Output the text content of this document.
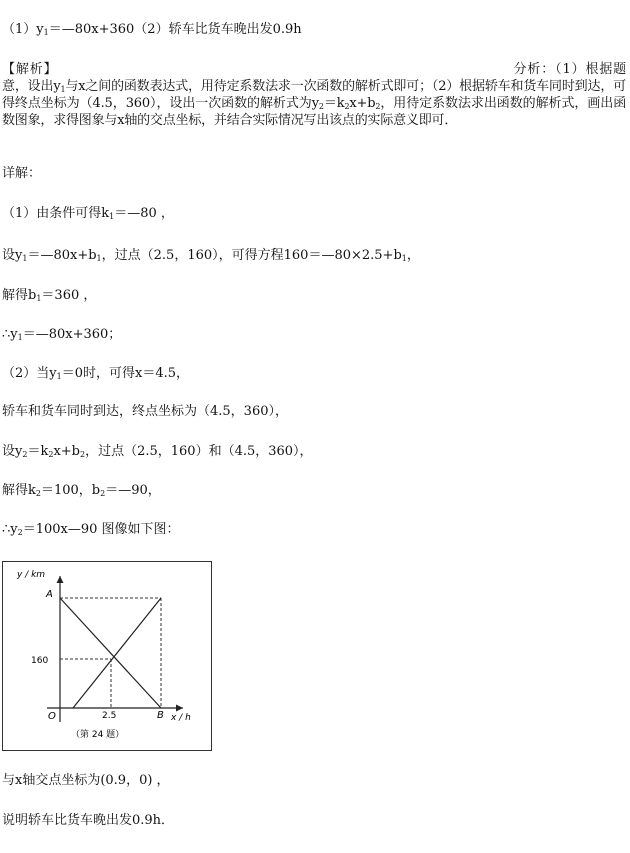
$(1)y_1=—80x+360(2)$轿车比货车晚出发0.9h
【解析】	分析：（1）根据题意，设出$y_1$与x之间的函数表达式，用待定系数法求一次函数的解析式即可；（2）根据轿车和货车同时到达，可得终点坐标为（4.5，360），设出一次函数的解析式为$y_2=k_2x+b_2$，用待定系数法求出函数的解析式，画出函数图象，求得图象与x轴的交点坐标，并结合实际情况写出该点的实际意义即可．
详解：
（1）由条件可得$k_1=—80$ ，
设$y_1=—80x+b_1$，过点（2.5，160），可得方程$160=—80\times 2.5+b_1$，
解得$b_1=360$ ，
$\therefore y_1=—80x+360$；
（2）当$y_1=0$时，可得x＝4.5，
轿车和货车同时到达，终点坐标为（4.5，360），
设$y_2=k_2x+b_2$，过点（2.5，160）和（4.5，360），
解得$k_2=100$，$b_2=—90$，
$\therefore y_2=100x—90$ 图像如下图：
y / km
A
160
O	2.5	B x / h
（第 24 题）
与x轴交点坐标为(0.9，0) ，
说明轿车比货车晚出发0.9h．
